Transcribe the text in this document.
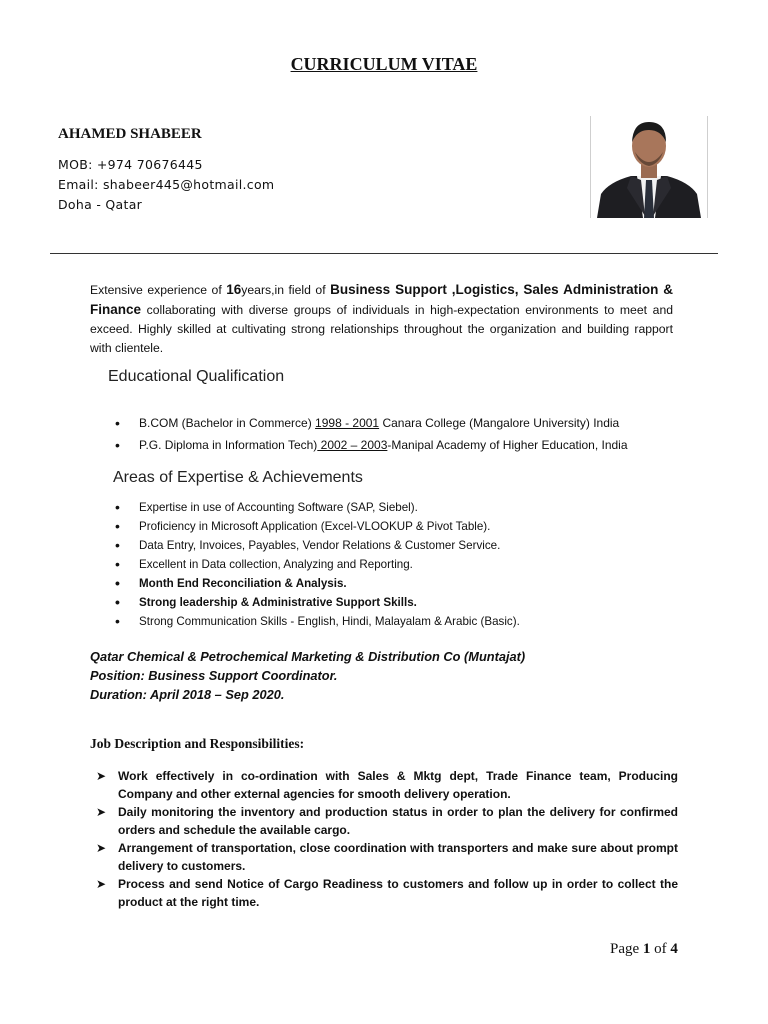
CURRICULUM VITAE
AHAMED SHABEER
MOB: +974 70676445
Email: shabeer445@hotmail.com
Doha - Qatar
Extensive experience of 16years,in field of Business Support ,Logistics, Sales Administration & Finance collaborating with diverse groups of individuals in high-expectation environments to meet and exceed. Highly skilled at cultivating strong relationships throughout the organization and building rapport with clientele.
Educational Qualification
• B.COM (Bachelor in Commerce) 1998 - 2001 Canara College (Mangalore University) India
• P.G. Diploma in Information Tech) 2002 – 2003-Manipal Academy of Higher Education, India
Areas of Expertise & Achievements
• Expertise in use of Accounting Software (SAP, Siebel).
• Proficiency in Microsoft Application (Excel-VLOOKUP & Pivot Table).
• Data Entry, Invoices, Payables, Vendor Relations & Customer Service.
• Excellent in Data collection, Analyzing and Reporting.
• Month End Reconciliation & Analysis.
• Strong leadership & Administrative Support Skills.
• Strong Communication Skills - English, Hindi, Malayalam & Arabic (Basic).
Qatar Chemical & Petrochemical Marketing & Distribution Co (Muntajat)
Position: Business Support Coordinator.
Duration: April 2018 – Sep 2020.
Job Description and Responsibilities:
➤ Work effectively in co-ordination with Sales & Mktg dept, Trade Finance team, Producing Company and other external agencies for smooth delivery operation.
➤ Daily monitoring the inventory and production status in order to plan the delivery for confirmed orders and schedule the available cargo.
➤ Arrangement of transportation, close coordination with transporters and make sure about prompt delivery to customers.
➤ Process and send Notice of Cargo Readiness to customers and follow up in order to collect the product at the right time.
Page 1 of 4
